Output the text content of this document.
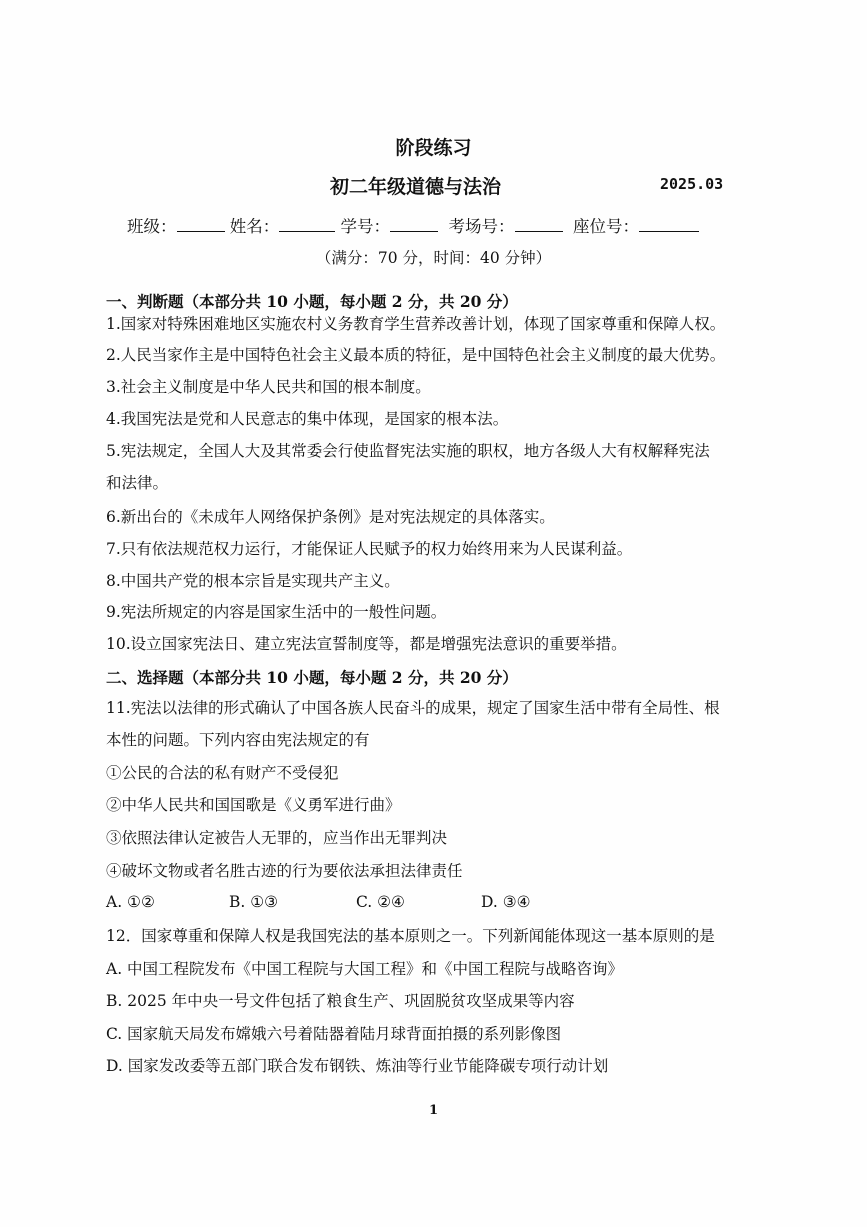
阶段练习
初二年级道德与法治	2025.03
班级：	姓名：	学号：	考场号：	座位号：
（满分：70 分，时间：40 分钟）
一、判断题（本部分共 10 小题，每小题 2 分，共 20 分）
1.国家对特殊困难地区实施农村义务教育学生营养改善计划，体现了国家尊重和保障人权。
2.人民当家作主是中国特色社会主义最本质的特征，是中国特色社会主义制度的最大优势。
3.社会主义制度是中华人民共和国的根本制度。
4.我国宪法是党和人民意志的集中体现，是国家的根本法。
5.宪法规定，全国人大及其常委会行使监督宪法实施的职权，地方各级人大有权解释宪法
和法律。
6.新出台的《未成年人网络保护条例》是对宪法规定的具体落实。
7.只有依法规范权力运行，才能保证人民赋予的权力始终用来为人民谋利益。
8.中国共产党的根本宗旨是实现共产主义。
9.宪法所规定的内容是国家生活中的一般性问题。
10.设立国家宪法日、建立宪法宣誓制度等，都是增强宪法意识的重要举措。
二、选择题（本部分共 10 小题，每小题 2 分，共 20 分）
11.宪法以法律的形式确认了中国各族人民奋斗的成果，规定了国家生活中带有全局性、根
本性的问题。下列内容由宪法规定的有
①公民的合法的私有财产不受侵犯
②中华人民共和国国歌是《义勇军进行曲》
③依照法律认定被告人无罪的，应当作出无罪判决
④破坏文物或者名胜古迹的行为要依法承担法律责任
A. ①②	B. ①③	C. ②④	D. ③④
12．国家尊重和保障人权是我国宪法的基本原则之一。下列新闻能体现这一基本原则的是
A. 中国工程院发布《中国工程院与大国工程》和《中国工程院与战略咨询》
B. 2025 年中央一号文件包括了粮食生产、巩固脱贫攻坚成果等内容
C. 国家航天局发布嫦娥六号着陆器着陆月球背面拍摄的系列影像图
D. 国家发改委等五部门联合发布钢铁、炼油等行业节能降碳专项行动计划
1
